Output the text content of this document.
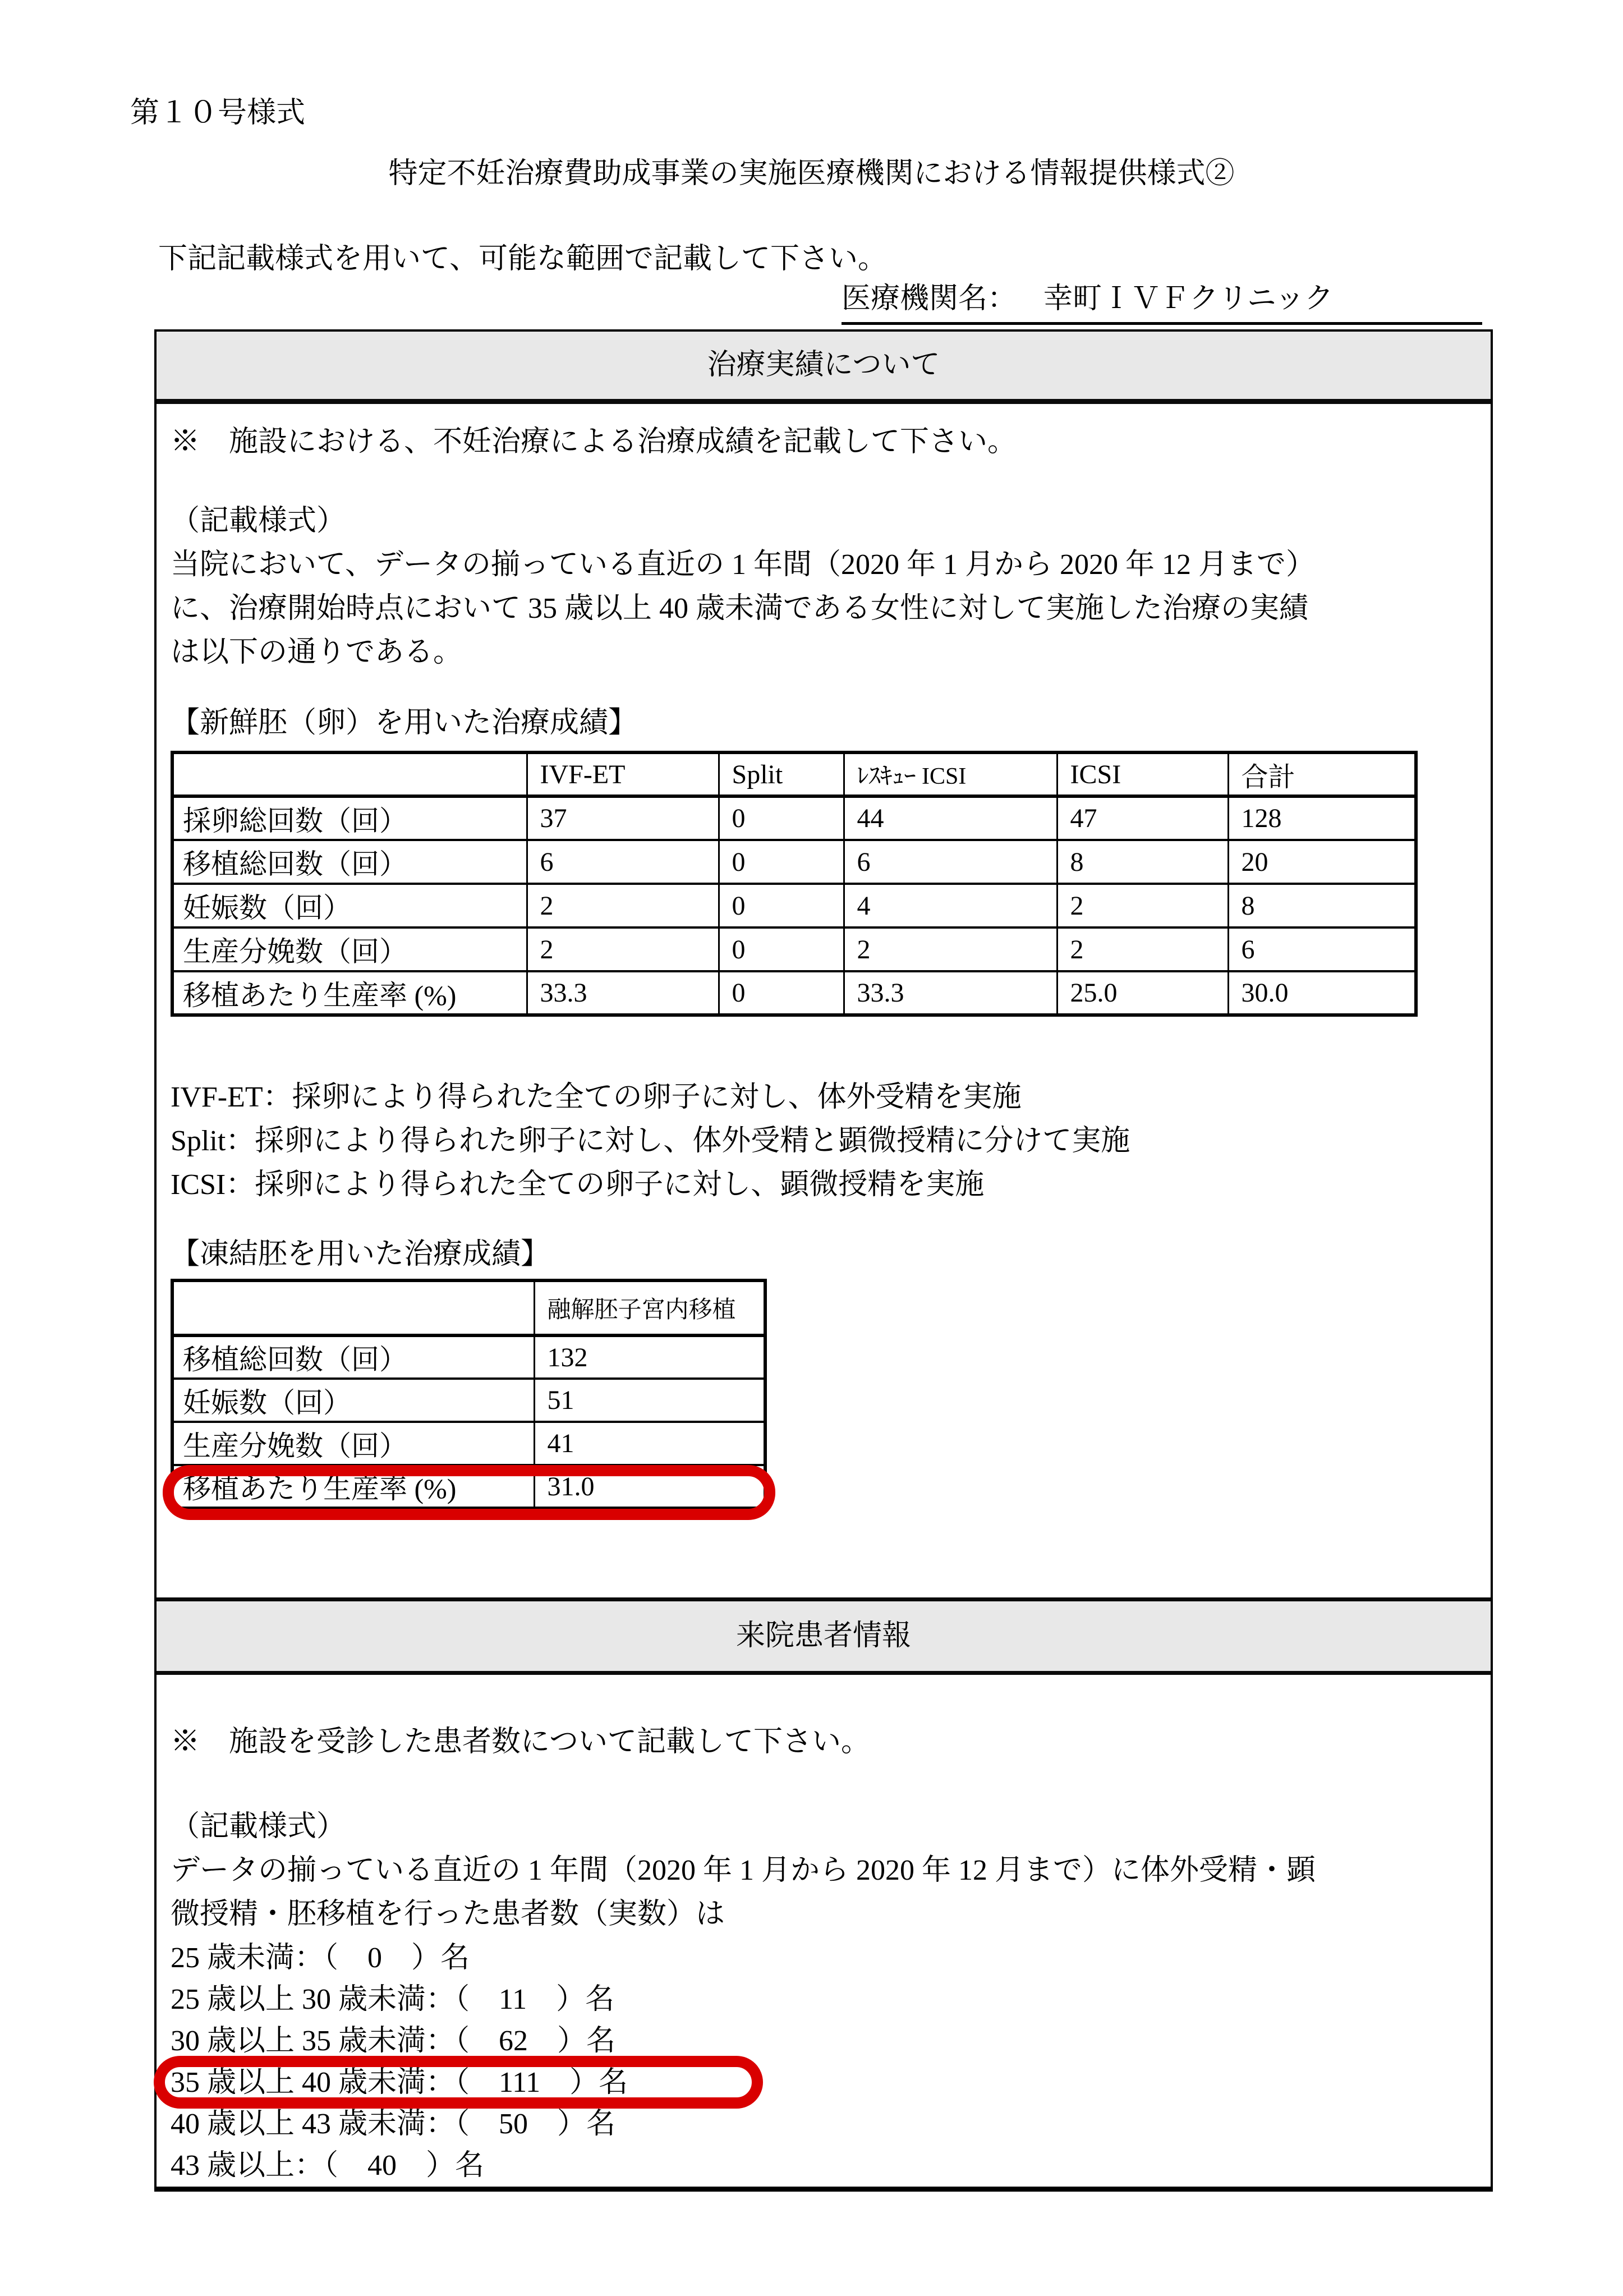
第１０号様式
特定不妊治療費助成事業の実施医療機関における情報提供様式②
下記記載様式を用いて、可能な範囲で記載して下さい。
医療機関名： 幸町ＩＶＦクリニック
治療実績について
※　施設における、不妊治療による治療成績を記載して下さい。
（記載様式）
当院において、データの揃っている直近の 1 年間（2020 年 1 月から 2020 年 12 月まで）
に、治療開始時点において 35 歳以上 40 歳未満である女性に対して実施した治療の実績
は以下の通りである。
【新鮮胚（卵）を用いた治療成績】
	IVF-ET	Split	ﾚｽｷｭｰ ICSI	ICSI	合計
採卵総回数（回）	37	0	44	47	128
移植総回数（回）	6	0	6	8	20
妊娠数（回）	2	0	4	2	8
生産分娩数（回）	2	0	2	2	6
移植あたり生産率 (%)	33.3	0	33.3	25.0	30.0
IVF-ET：採卵により得られた全ての卵子に対し、体外受精を実施
Split：採卵により得られた卵子に対し、体外受精と顕微授精に分けて実施
ICSI：採卵により得られた全ての卵子に対し、顕微授精を実施
【凍結胚を用いた治療成績】
	融解胚子宮内移植
移植総回数（回）	132
妊娠数（回）	51
生産分娩数（回）	41
移植あたり生産率 (%)	31.0
来院患者情報
※　施設を受診した患者数について記載して下さい。
（記載様式）
データの揃っている直近の 1 年間（2020 年 1 月から 2020 年 12 月まで）に体外受精・顕
微授精・胚移植を行った患者数（実数）は
25 歳未満：（　0　）名
25 歳以上 30 歳未満：（　11　）名
30 歳以上 35 歳未満：（　62　）名
35 歳以上 40 歳未満：（　111　）名
40 歳以上 43 歳未満：（　50　）名
43 歳以上：（　40　）名
